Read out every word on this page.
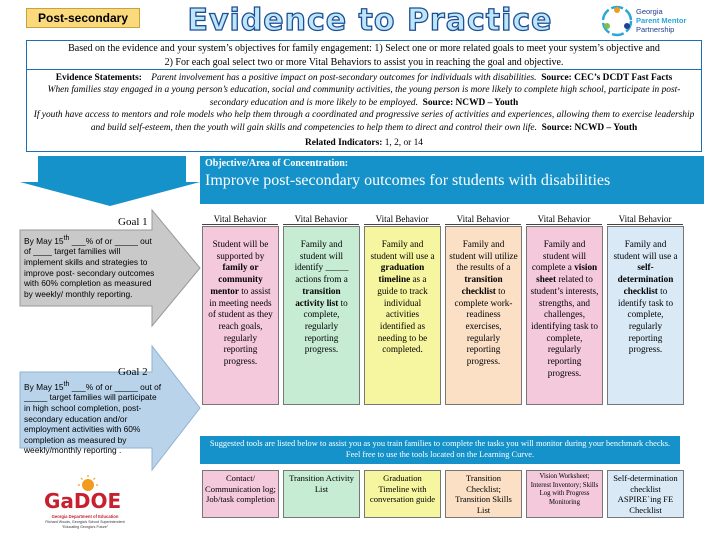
Post-secondary	Evidence to Practice	Georgia
Parent Mentor
Partnership
Based on the evidence and your system’s objectives for family engagement: 1) Select one or more related goals to meet your system’s objective and
2) For each goal select two or more Vital Behaviors to assist you in reaching the goal and objective.
Evidence Statements: Parent involvement has a positive impact on post-secondary outcomes for individuals with disabilities. Source: CEC’s DCDT Fast Facts
When families stay engaged in a young person’s education, social and community activities, the young person is more likely to complete high school, participate in post-secondary education and is more likely to be employed. Source: NCWD – Youth
If youth have access to mentors and role models who help them through a coordinated and progressive series of activities and experiences, allowing them to exercise leadership and build self-esteem, then the youth will gain skills and competencies to help them to direct and control their own life. Source: NCWD – Youth
Related Indicators: 1, 2, or 14
Objective/Area of Concentration:
Improve post-secondary outcomes for students with disabilities
Goal 1
By May 15th ___% of or _____ out of ____ target families will implement skills and strategies to improve post- secondary outcomes with 60% completion as measured by weekly/ monthly reporting.
Goal 2
By May 15th ___% of or _____ out of _____ target families will participate in high school completion, post-secondary education and/or employment activities with 60% completion as measured by weekly/monthly reporting .
Vital Behavior	Vital Behavior	Vital Behavior	Vital Behavior	Vital Behavior	Vital Behavior
Student will be supported by family or community mentor to assist in meeting needs of student as they reach goals, regularly reporting progress.
Family and student will identify _____ actions from a transition activity list to complete, regularly reporting progress.
Family and student will use a graduation timeline as a guide to track individual activities identified as needing to be completed.
Family and student will utilize the results of a transition checklist to complete work-readiness exercises, regularly reporting progress.
Family and student will complete a vision sheet related to student’s interests, strengths, and challenges, identifying task to complete, regularly reporting progress.
Family and student will use a self-determination checklist to identify task to complete, regularly reporting progress.
Suggested tools are listed below to assist you as you train families to complete the tasks you will monitor during your benchmark checks. Feel free to use the tools located on the Learning Curve.
Contact/ Communication log; Job/task completion
Transition Activity List
Graduation Timeline with conversation guide
Transition Checklist; Transition Skills List
Vision Worksheet; Interest Inventory; Skills Log with Progress Monitoring
Self-determination checklist ASPIRE`ing FE Checklist
GaDOE
Georgia Department of Education
Richard Woods, Georgia’s School Superintendent
“Educating Georgia’s Future”
